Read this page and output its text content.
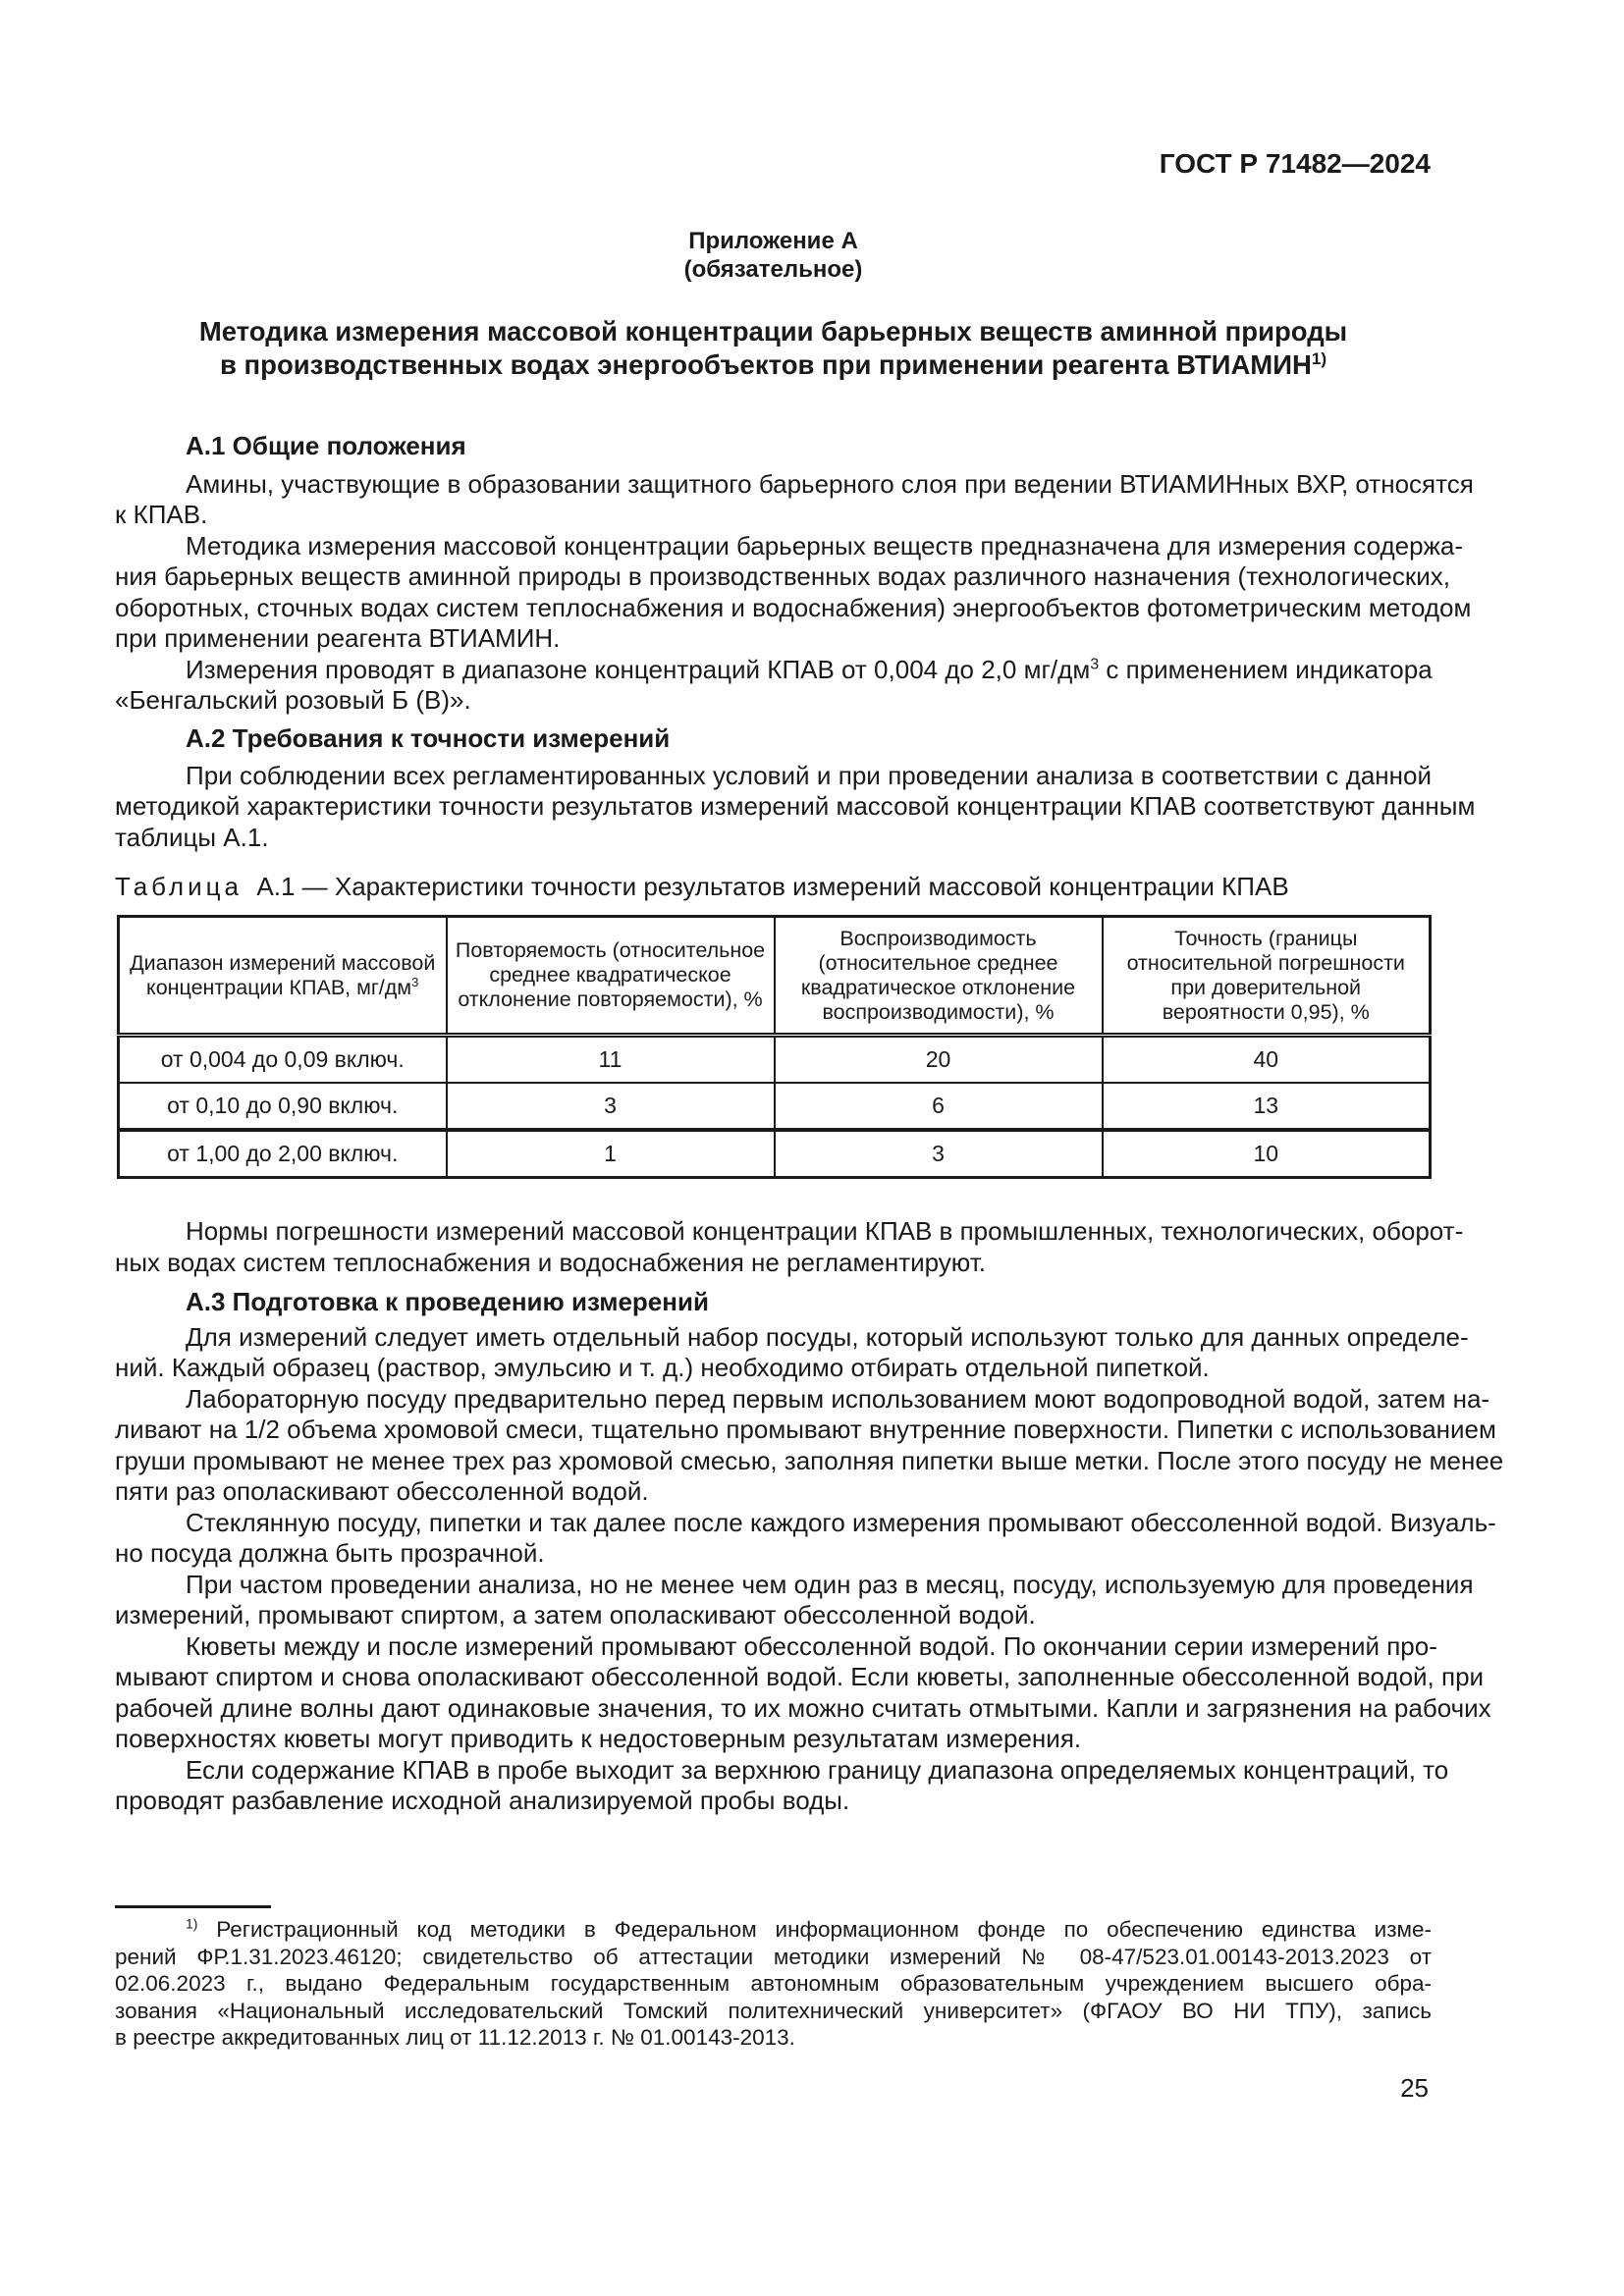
ГОСТ Р 71482—2024
Приложение А
(обязательное)
Методика измерения массовой концентрации барьерных веществ аминной природы
в производственных водах энергообъектов при применении реагента ВТИАМИН$^{1)}$
А.1 Общие положения
Амины, участвующие в образовании защитного барьерного слоя при ведении ВТИАМИНных ВХР, относятся
к КПАВ.
Методика измерения массовой концентрации барьерных веществ предназначена для измерения содержа-
ния барьерных веществ аминной природы в производственных водах различного назначения (технологических,
оборотных, сточных водах систем теплоснабжения и водоснабжения) энергообъектов фотометрическим методом
при применении реагента ВТИАМИН.
Измерения проводят в диапазоне концентраций КПАВ от 0,004 до 2,0 $мг/дм^3$ с применением индикатора
«Бенгальский розовый Б (В)».
А.2 Требования к точности измерений
При соблюдении всех регламентированных условий и при проведении анализа в соответствии с данной
методикой характеристики точности результатов измерений массовой концентрации КПАВ соответствуют данным
таблицы А.1.
Таблица А.1 — Характеристики точности результатов измерений массовой концентрации КПАВ
Диапазон измерений массовой концентрации КПАВ, $мг/дм^3$	Повторяемость (относительное среднее квадратическое отклонение повторяемости), %	Воспроизводимость (относительное среднее квадратическое отклонение воспроизводимости), %	Точность (границы относительной погрешности при доверительной вероятности 0,95), %
от 0,004 до 0,09 включ.	11	20	40
от 0,10 до 0,90 включ.	3	6	13
от 1,00 до 2,00 включ.	1	3	10
Нормы погрешности измерений массовой концентрации КПАВ в промышленных, технологических, оборот-
ных водах систем теплоснабжения и водоснабжения не регламентируют.
А.3 Подготовка к проведению измерений
Для измерений следует иметь отдельный набор посуды, который используют только для данных определе-
ний. Каждый образец (раствор, эмульсию и т. д.) необходимо отбирать отдельной пипеткой.
Лабораторную посуду предварительно перед первым использованием моют водопроводной водой, затем на-
ливают на 1/2 объема хромовой смеси, тщательно промывают внутренние поверхности. Пипетки с использованием
груши промывают не менее трех раз хромовой смесью, заполняя пипетки выше метки. После этого посуду не менее
пяти раз ополаскивают обессоленной водой.
Стеклянную посуду, пипетки и так далее после каждого измерения промывают обессоленной водой. Визуаль-
но посуда должна быть прозрачной.
При частом проведении анализа, но не менее чем один раз в месяц, посуду, используемую для проведения
измерений, промывают спиртом, а затем ополаскивают обессоленной водой.
Кюветы между и после измерений промывают обессоленной водой. По окончании серии измерений про-
мывают спиртом и снова ополаскивают обессоленной водой. Если кюветы, заполненные обессоленной водой, при
рабочей длине волны дают одинаковые значения, то их можно считать отмытыми. Капли и загрязнения на рабочих
поверхностях кюветы могут приводить к недостоверным результатам измерения.
Если содержание КПАВ в пробе выходит за верхнюю границу диапазона определяемых концентраций, то
проводят разбавление исходной анализируемой пробы воды.
$^{1)}$ Регистрационный код методики в Федеральном информационном фонде по обеспечению единства изме-
рений ФР.1.31.2023.46120; свидетельство об аттестации методики измерений № 08-47/523.01.00143-2013.2023 от
02.06.2023 г., выдано Федеральным государственным автономным образовательным учреждением высшего обра-
зования «Национальный исследовательский Томский политехнический университет» (ФГАОУ ВО НИ ТПУ), запись
в реестре аккредитованных лиц от 11.12.2013 г. № 01.00143-2013.
25
